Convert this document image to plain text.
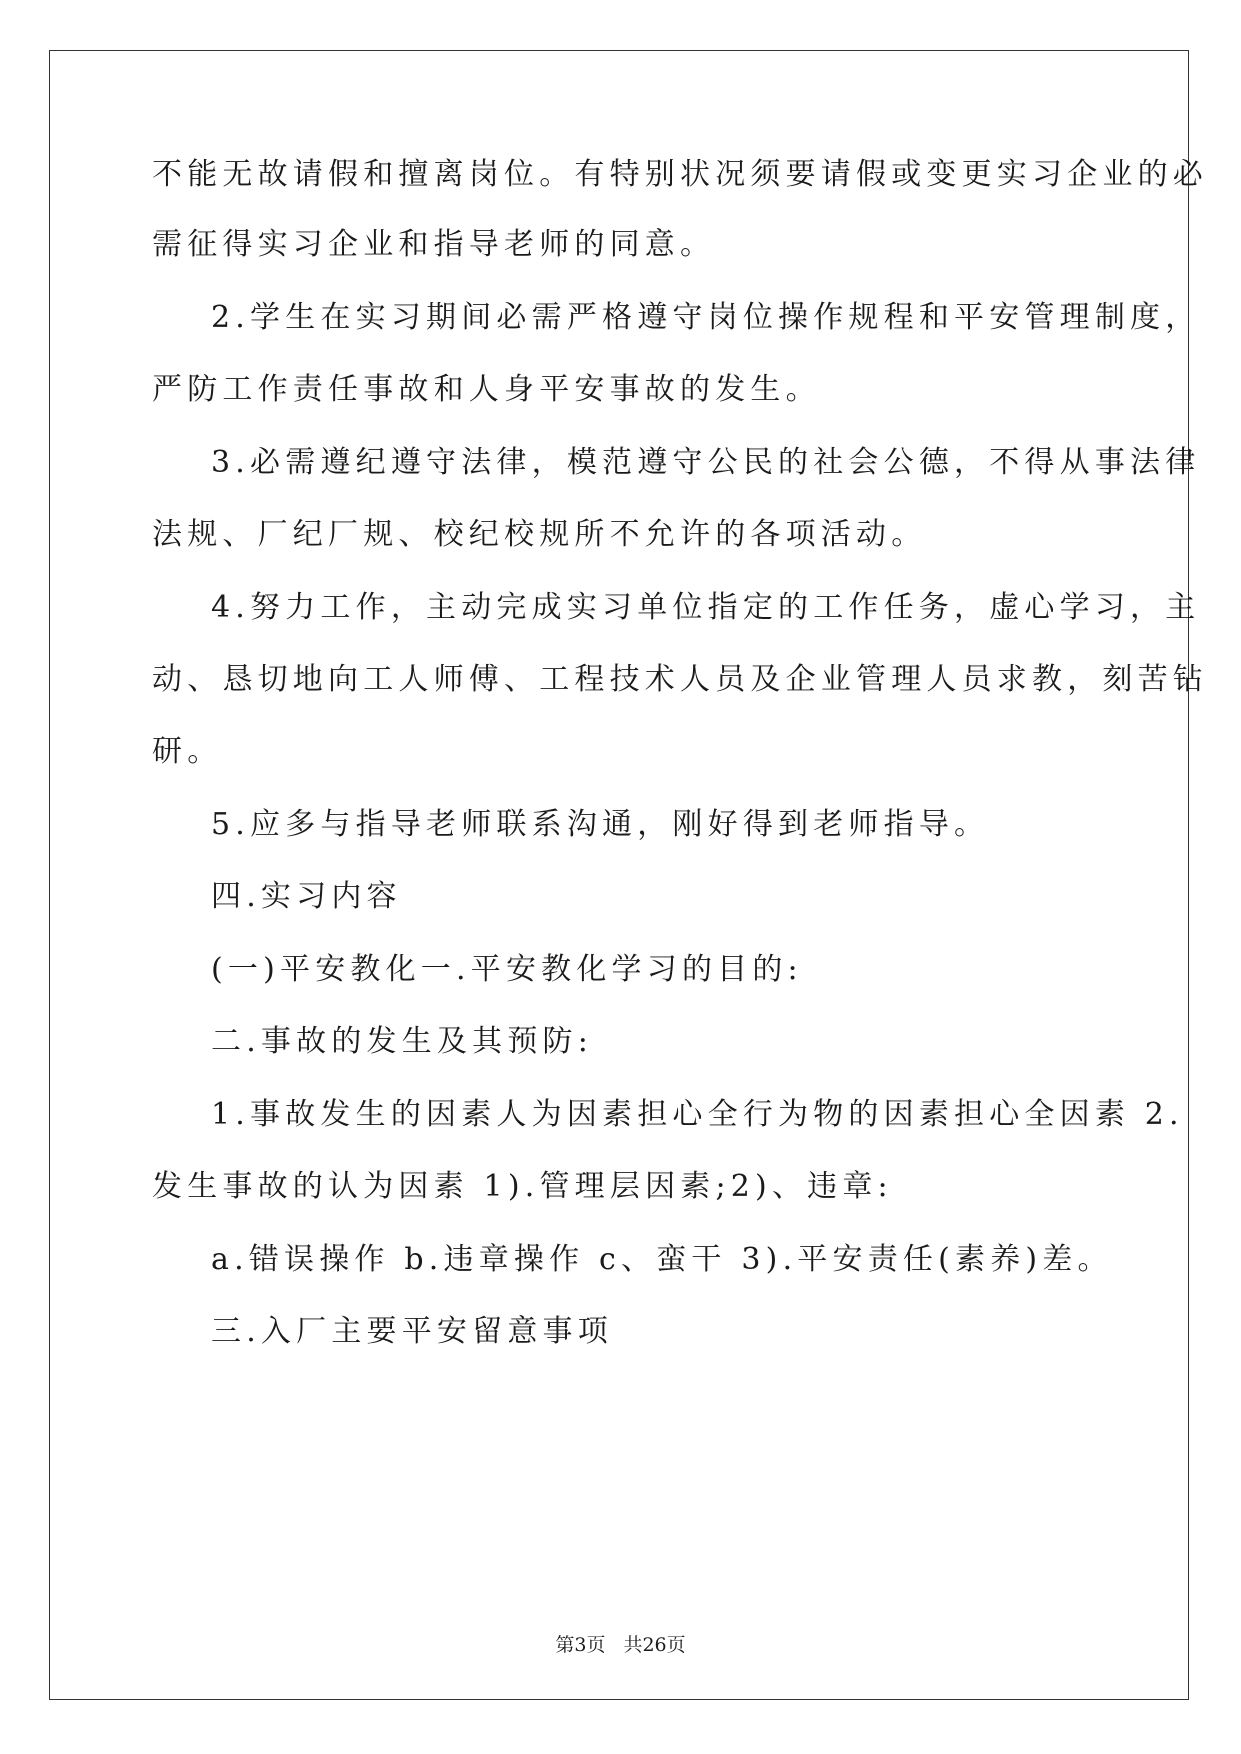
不能无故请假和擅离岗位。有特别状况须要请假或变更实习企业的必
需征得实习企业和指导老师的同意。
2.学生在实习期间必需严格遵守岗位操作规程和平安管理制度，
严防工作责任事故和人身平安事故的发生。
3.必需遵纪遵守法律，模范遵守公民的社会公德，不得从事法律
法规、厂纪厂规、校纪校规所不允许的各项活动。
4.努力工作，主动完成实习单位指定的工作任务，虚心学习，主
动、恳切地向工人师傅、工程技术人员及企业管理人员求教，刻苦钻
研。
5.应多与指导老师联系沟通，刚好得到老师指导。
四.实习内容
(一)平安教化一.平安教化学习的目的:
二.事故的发生及其预防:
1.事故发生的因素人为因素担心全行为物的因素担心全因素 2.
发生事故的认为因素 1).管理层因素;2)、违章:
a.错误操作 b.违章操作 c、蛮干 3).平安责任(素养)差。
三.入厂主要平安留意事项
第3页 共26页
